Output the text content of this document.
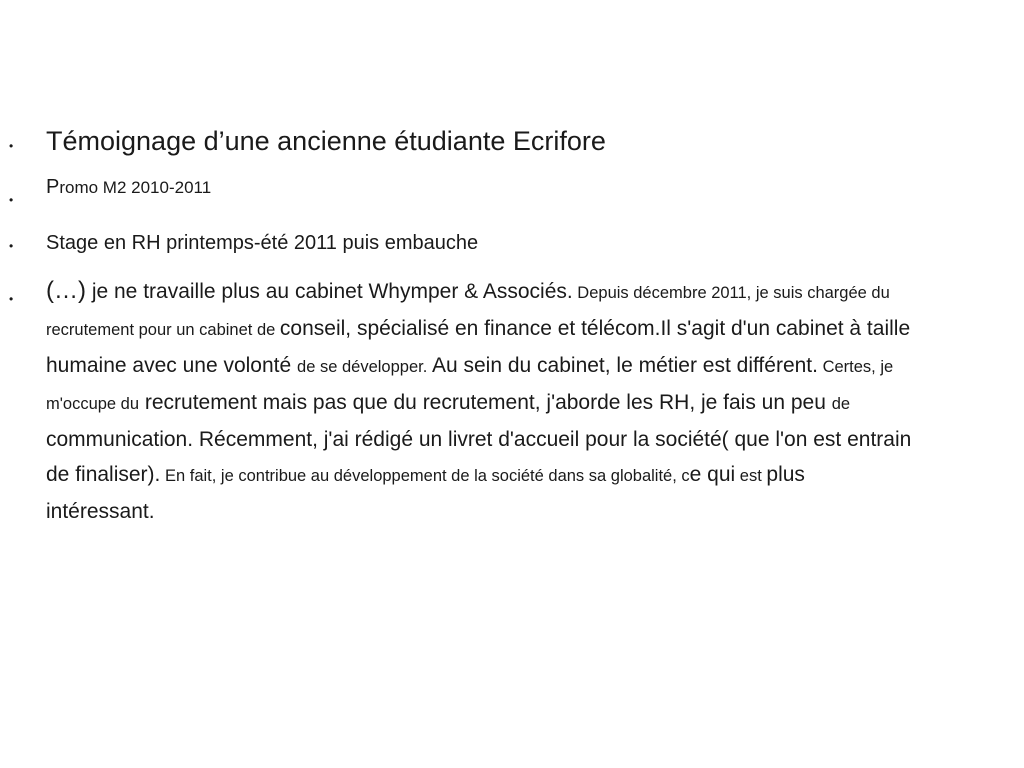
• Témoignage d’une ancienne étudiante Ecrifore
•
Promo M2 2010-2011
• Stage en RH printemps-été 2011 puis embauche
• (…) je ne travaille plus au cabinet Whymper & Associés. Depuis décembre 2011, je suis chargée du recrutement pour un cabinet de conseil, spécialisé en finance et télécom.Il s'agit d'un cabinet à taille humaine avec une volonté de se développer. Au sein du cabinet, le métier est différent. Certes, je m'occupe du recrutement mais pas que du recrutement, j'aborde les RH, je fais un peu de communication. Récemment, j'ai rédigé un livret d'accueil pour la société( que l'on est entrain de finaliser). En fait, je contribue au développement de la société dans sa globalité, ce qui est plus intéressant.
